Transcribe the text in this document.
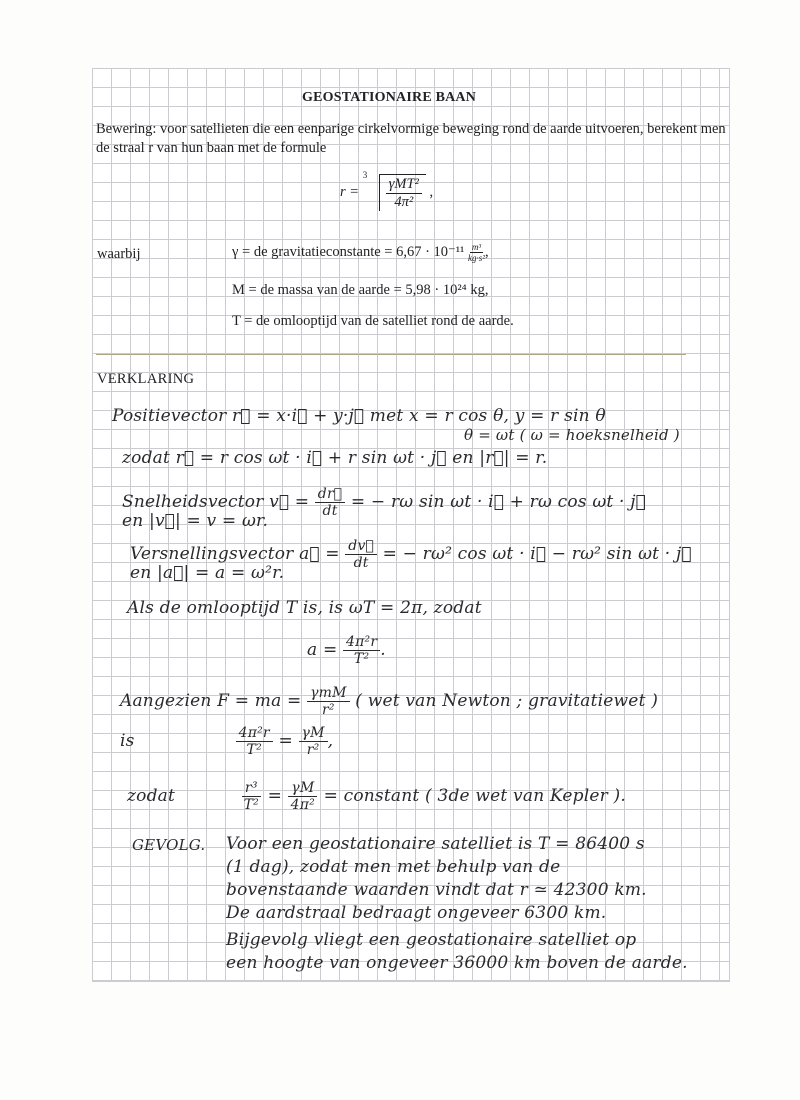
GEOSTATIONAIRE BAAN
Bewering: voor satellieten die een eenparige cirkelvormige beweging rond de aarde uitvoeren, berekent men de straal r van hun baan met de formule
r =
3
$\frac{\text{γMT²}}{\text{4π²}}$ ,
waarbij	γ = de gravitatieconstante = $6,67 \cdot 10^{-11} \frac{\text{m³}}{\text{kg·s²}}$ ,
M = de massa van de aarde = 5,98 · 10²⁴ kg,
T = de omlooptijd van de satelliet rond de aarde.
VERKLARING
Positievector r⃗ = x·i⃗ + y·j⃗ met x = r cos θ, y = r sin θ
θ = ωt ( ω = hoeksnelheid )
zodat r⃗ = r cos ωt · i⃗ + r sin ωt · j⃗ en |r⃗| = r.
Snelheidsvector v⃗ = $\frac{dr⃗}{dt}$ = − rω sin ωt · i⃗ + rω cos ωt · j⃗
en |v⃗| = v = ωr.
Versnellingsvector a⃗ = $\frac{dv⃗}{dt}$ = − rω² cos ωt · i⃗ − rω² sin ωt · j⃗
en |a⃗| = a = ω²r.
Als de omlooptijd T is, is ωT = 2π, zodat
$a = \frac{\text{4π²r}}{\text{T²}}$ .
Aangezien F = ma = γmM
r² ( wet van Newton ; gravitatiewet )
is	$\frac{\text{4π²r}}{\text{T²}} = \frac{\gamma M}{\text{r²}}$ ,
zodat	$\frac{\text{r³}}{\text{T²}} = \frac{\gamma M}{\text{4π²}}$ = constant ( 3de wet van Kepler ).
GEVOLG. Voor een geostationaire satelliet is T = 86400 s
(1 dag), zodat men met behulp van de
bovenstaande waarden vindt dat r ≃ 42300 km.
De aardstraal bedraagt ongeveer 6300 km.
Bijgevolg vliegt een geostationaire satelliet op
een hoogte van ongeveer 36000 km boven de aarde.
